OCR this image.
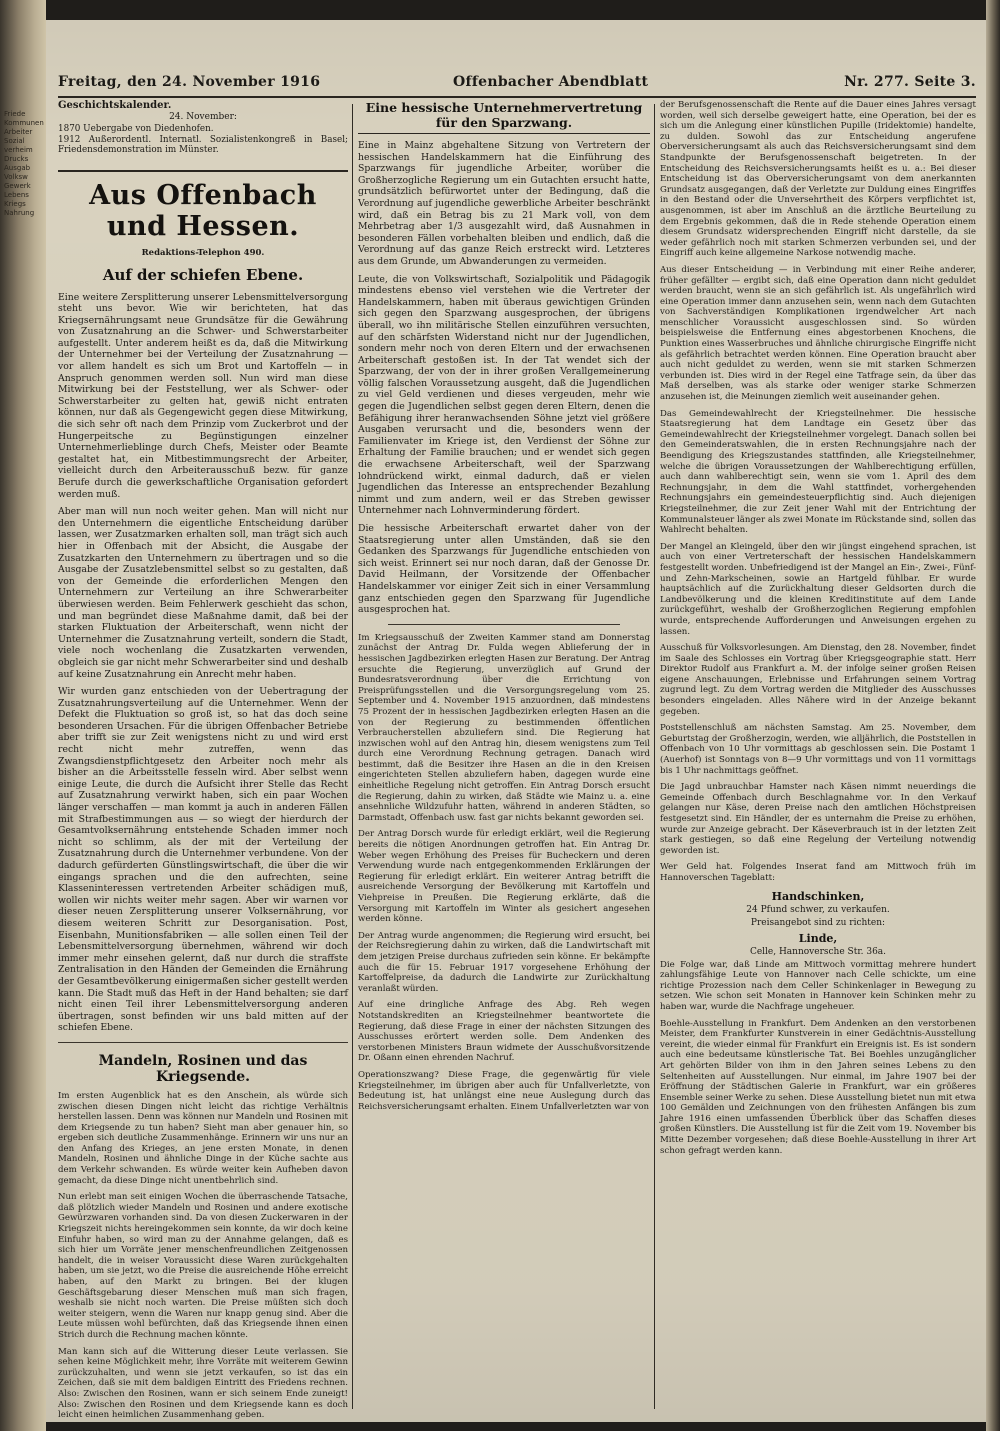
Friede
Kommunen
Arbeiter
Sozial
verheim
Drucks
Ausgab
Volksw
Gewerk
Lebens
Kriegs
Nahrung
Freitag, den 24. November 1916	Offenbacher Abendblatt	Nr. 277. Seite 3.
Geschichtskalender.
24. November:

1870 Uebergabe von Diedenhofen.

1912 Außerordentl. Internatl. Sozialistenkongreß in Basel; Friedensdemonstration im Münster.

Aus Offenbach und Hessen.
Redaktions-Telephon 490.
Auf der schiefen Ebene.

Eine weitere Zersplitterung unserer Lebensmittelversorgung steht uns bevor. Wie wir berichteten, hat das Kriegsernährungsamt neue Grundsätze für die Gewährung von Zusatznahrung an die Schwer- und Schwerstarbeiter aufgestellt. Unter anderem heißt es da, daß die Mitwirkung der Unternehmer bei der Verteilung der Zusatznahrung — vor allem handelt es sich um Brot und Kartoffeln — in Anspruch genommen werden soll. Nun wird man diese Mitwirkung bei der Feststellung, wer als Schwer- oder Schwerstarbeiter zu gelten hat, gewiß nicht entraten können, nur daß als Gegengewicht gegen diese Mitwirkung, die sich sehr oft nach dem Prinzip vom Zuckerbrot und der Hungerpeitsche zu Begünstigungen einzelner Unternehmerlieblinge durch Chefs, Meister oder Beamte gestaltet hat, ein Mitbestimmungsrecht der Arbeiter, vielleicht durch den Arbeiterausschuß bezw. für ganze Berufe durch die gewerkschaftliche Organisation gefordert werden muß.

Aber man will nun noch weiter gehen. Man will nicht nur den Unternehmern die eigentliche Entscheidung darüber lassen, wer Zusatzmarken erhalten soll, man trägt sich auch hier in Offenbach mit der Absicht, die Ausgabe der Zusatzkarten den Unternehmern zu übertragen und so die Ausgabe der Zusatzlebensmittel selbst so zu gestalten, daß von der Gemeinde die erforderlichen Mengen den Unternehmern zur Verteilung an ihre Schwerarbeiter überwiesen werden. Beim Fehlerwerk geschieht das schon, und man begründet diese Maßnahme damit, daß bei der starken Fluktuation der Arbeiterschaft, wenn nicht der Unternehmer die Zusatznahrung verteilt, sondern die Stadt, viele noch wochenlang die Zusatzkarten verwenden, obgleich sie gar nicht mehr Schwerarbeiter sind und deshalb auf keine Zusatznahrung ein Anrecht mehr haben.

Wir wurden ganz entschieden von der Uebertragung der Zusatznahrungsverteilung auf die Unternehmer. Wenn der Defekt die Fluktuation so groß ist, so hat das doch seine besonderen Ursachen. Für die übrigen Offenbacher Betriebe aber trifft sie zur Zeit wenigstens nicht zu und wird erst recht nicht mehr zutreffen, wenn das Zwangsdienstpflichtgesetz den Arbeiter noch mehr als bisher an die Arbeitsstelle fesseln wird. Aber selbst wenn einige Leute, die durch die Aufsicht ihrer Stelle das Recht auf Zusatznahrung verwirkt haben, sich ein paar Wochen länger verschaffen — man kommt ja auch in anderen Fällen mit Strafbestimmungen aus — so wiegt der hierdurch der Gesamtvolksernährung entstehende Schaden immer noch nicht so schlimm, als der mit der Verteilung der Zusatznahrung durch die Unternehmer verbundene. Von der dadurch gefürderten Günstlingswirtschaft, die über die wir eingangs sprachen und die den aufrechten, seine Klasseninteressen vertretenden Arbeiter schädigen muß, wollen wir nichts weiter mehr sagen. Aber wir warnen vor dieser neuen Zersplitterung unserer Volksernährung, vor diesem weiteren Schritt zur Desorganisation. Post, Eisenbahn, Munitionsfabriken — alle sollen einen Teil der Lebensmittelversorgung übernehmen, während wir doch immer mehr einsehen gelernt, daß nur durch die straffste Zentralisation in den Händen der Gemeinden die Ernährung der Gesamtbevölkerung einigermaßen sicher gestellt werden kann. Die Stadt muß das Heft in der Hand behalten; sie darf nicht einen Teil ihrer Lebensmittelversorgung anderen übertragen, sonst befinden wir uns bald mitten auf der schiefen Ebene.

Mandeln, Rosinen und das Kriegsende.

Im ersten Augenblick hat es den Anschein, als würde sich zwischen diesen Dingen nicht leicht das richtige Verhältnis herstellen lassen. Denn was können nur Mandeln und Rosinen mit dem Kriegsende zu tun haben? Sieht man aber genauer hin, so ergeben sich deutliche Zusammenhänge. Erinnern wir uns nur an den Anfang des Krieges, an jene ersten Monate, in denen Mandeln, Rosinen und ähnliche Dinge in der Küche sachte aus dem Verkehr schwanden. Es würde weiter kein Aufheben davon gemacht, da diese Dinge nicht unentbehrlich sind.

Nun erlebt man seit einigen Wochen die überraschende Tatsache, daß plötzlich wieder Mandeln und Rosinen und andere exotische Gewürzwaren vorhanden sind. Da von diesen Zuckerwaren in der Kriegszeit nichts hereingekommen sein konnte, da wir doch keine Einfuhr haben, so wird man zu der Annahme gelangen, daß es sich hier um Vorräte jener menschenfreundlichen Zeitgenossen handelt, die in weiser Voraussicht diese Waren zurückgehalten haben, um sie jetzt, wo die Preise die ausreichende Höhe erreicht haben, auf den Markt zu bringen. Bei der klugen Geschäftsgebarung dieser Menschen muß man sich fragen, weshalb sie nicht noch warten. Die Preise müßten sich doch weiter steigern, wenn die Waren nur knapp genug sind. Aber die Leute müssen wohl befürchten, daß das Kriegsende ihnen einen Strich durch die Rechnung machen könnte.

Man kann sich auf die Witterung dieser Leute verlassen. Sie sehen keine Möglichkeit mehr, ihre Vorräte mit weiterem Gewinn zurückzuhalten, und wenn sie jetzt verkaufen, so ist das ein Zeichen, daß sie mit dem baldigen Eintritt des Friedens rechnen. Also: Zwischen den Rosinen, wann er sich seinem Ende zuneigt! Also: Zwischen den Rosinen und dem Kriegsende kann es doch leicht einen heimlichen Zusammenhang geben.

Eine hessische Unternehmervertretung für den Sparzwang.

Eine in Mainz abgehaltene Sitzung von Vertretern der hessischen Handelskammern hat die Einführung des Sparzwangs für jugendliche Arbeiter, worüber die Großherzogliche Regierung um ein Gutachten ersucht hatte, grundsätzlich befürwortet unter der Bedingung, daß die Verordnung auf jugendliche gewerbliche Arbeiter beschränkt wird, daß ein Betrag bis zu 21 Mark voll, von dem Mehrbetrag aber 1/3 ausgezahlt wird, daß Ausnahmen in besonderen Fällen vorbehalten bleiben und endlich, daß die Verordnung auf das ganze Reich erstreckt wird. Letzteres aus dem Grunde, um Abwanderungen zu vermeiden.

Leute, die von Volkswirtschaft, Sozialpolitik und Pädagogik mindestens ebenso viel verstehen wie die Vertreter der Handelskammern, haben mit überaus gewichtigen Gründen sich gegen den Sparzwang ausgesprochen, der übrigens überall, wo ihn militärische Stellen einzuführen versuchten, auf den schärfsten Widerstand nicht nur der Jugendlichen, sondern mehr noch von deren Eltern und der erwachsenen Arbeiterschaft gestoßen ist. In der Tat wendet sich der Sparzwang, der von der in ihrer großen Verallgemeinerung völlig falschen Voraussetzung ausgeht, daß die Jugendlichen zu viel Geld verdienen und dieses vergeuden, mehr wie gegen die Jugendlichen selbst gegen deren Eltern, denen die Befähigung ihrer heranwachsenden Söhne jetzt viel größere Ausgaben verursacht und die, besonders wenn der Familienvater im Kriege ist, den Verdienst der Söhne zur Erhaltung der Familie brauchen; und er wendet sich gegen die erwachsene Arbeiterschaft, weil der Sparzwang lohndrückend wirkt, einmal dadurch, daß er vielen Jugendlichen das Interesse an entsprechender Bezahlung nimmt und zum andern, weil er das Streben gewisser Unternehmer nach Lohnverminderung fördert.

Die hessische Arbeiterschaft erwartet daher von der Staatsregierung unter allen Umständen, daß sie den Gedanken des Sparzwangs für Jugendliche entschieden von sich weist. Erinnert sei nur noch daran, daß der Genosse Dr. David Heilmann, der Vorsitzende der Offenbacher Handelskammer vor einiger Zeit sich in einer Versammlung ganz entschieden gegen den Sparzwang für Jugendliche ausgesprochen hat.

Im Kriegsausschuß der Zweiten Kammer stand am Donnerstag zunächst der Antrag Dr. Fulda wegen Ablieferung der in hessischen Jagdbezirken erlegten Hasen zur Beratung. Der Antrag ersuchte die Regierung, unverzüglich auf Grund der Bundesratsverordnung über die Errichtung von Preisprüfungsstellen und die Versorgungsregelung vom 25. September und 4. November 1915 anzuordnen, daß mindestens 75 Prozent der in hessischen Jagdbezirken erlegten Hasen an die von der Regierung zu bestimmenden öffentlichen Verbraucherstellen abzuliefern sind. Die Regierung hat inzwischen wohl auf den Antrag hin, diesem wenigstens zum Teil durch eine Verordnung Rechnung getragen. Danach wird bestimmt, daß die Besitzer ihre Hasen an die in den Kreisen eingerichteten Stellen abzuliefern haben, dagegen wurde eine einheitliche Regelung nicht getroffen. Ein Antrag Dorsch ersucht die Regierung, dahin zu wirken, daß Städte wie Mainz u. a. eine ansehnliche Wildzufuhr hatten, während in anderen Städten, so Darmstadt, Offenbach usw. fast gar nichts bekannt geworden sei.

Der Antrag Dorsch wurde für erledigt erklärt, weil die Regierung bereits die nötigen Anordnungen getroffen hat. Ein Antrag Dr. Weber wegen Erhöhung des Preises für Bucheckern und deren Verwendung wurde nach entgegenkommenden Erklärungen der Regierung für erledigt erklärt. Ein weiterer Antrag betrifft die ausreichende Versorgung der Bevölkerung mit Kartoffeln und Viehpreise in Preußen. Die Regierung erklärte, daß die Versorgung mit Kartoffeln im Winter als gesichert angesehen werden könne.

Der Antrag wurde angenommen; die Regierung wird ersucht, bei der Reichsregierung dahin zu wirken, daß die Landwirtschaft mit dem jetzigen Preise durchaus zufrieden sein könne. Er bekämpfte auch die für 15. Februar 1917 vorgesehene Erhöhung der Kartoffelpreise, da dadurch die Landwirte zur Zurückhaltung veranlaßt würden.

Auf eine dringliche Anfrage des Abg. Reh wegen Notstandskrediten an Kriegsteilnehmer beantwortete die Regierung, daß diese Frage in einer der nächsten Sitzungen des Ausschusses erörtert werden solle. Dem Andenken des verstorbenen Ministers Braun widmete der Ausschußvorsitzende Dr. Oßann einen ehrenden Nachruf.

Operationszwang? Diese Frage, die gegenwärtig für viele Kriegsteilnehmer, im übrigen aber auch für Unfallverletzte, von Bedeutung ist, hat unlängst eine neue Auslegung durch das Reichsversicherungsamt erhalten. Einem Unfallverletzten war von

der Berufsgenossenschaft die Rente auf die Dauer eines Jahres versagt worden, weil sich derselbe geweigert hatte, eine Operation, bei der es sich um die Anlegung einer künstlichen Pupille (Iridektomie) handelte, zu dulden. Sowohl das zur Entscheidung angerufene Oberversicherungsamt als auch das Reichsversicherungsamt sind dem Standpunkte der Berufsgenossenschaft beigetreten. In der Entscheidung des Reichsversicherungsamts heißt es u. a.: Bei dieser Entscheidung ist das Oberversicherungsamt von dem anerkannten Grundsatz ausgegangen, daß der Verletzte zur Duldung eines Eingriffes in den Bestand oder die Unversehrtheit des Körpers verpflichtet ist, ausgenommen, ist aber im Anschluß an die ärztliche Beurteilung zu dem Ergebnis gekommen, daß die in Rede stehende Operation einem diesem Grundsatz widersprechenden Eingriff nicht darstelle, da sie weder gefährlich noch mit starken Schmerzen verbunden sei, und der Eingriff auch keine allgemeine Narkose notwendig mache.

Aus dieser Entscheidung — in Verbindung mit einer Reihe anderer, früher gefällter — ergibt sich, daß eine Operation dann nicht geduldet werden braucht, wenn sie an sich gefährlich ist. Als ungefährlich wird eine Operation immer dann anzusehen sein, wenn nach dem Gutachten von Sachverständigen Komplikationen irgendwelcher Art nach menschlicher Voraussicht ausgeschlossen sind. So würden beispielsweise die Entfernung eines abgestorbenen Knochens, die Punktion eines Wasserbruches und ähnliche chirurgische Eingriffe nicht als gefährlich betrachtet werden können. Eine Operation braucht aber auch nicht geduldet zu werden, wenn sie mit starken Schmerzen verbunden ist. Dies wird in der Regel eine Tatfrage sein, da über das Maß derselben, was als starke oder weniger starke Schmerzen anzusehen ist, die Meinungen ziemlich weit auseinander gehen.

Das Gemeindewahlrecht der Kriegsteilnehmer. Die hessische Staatsregierung hat dem Landtage ein Gesetz über das Gemeindewahlrecht der Kriegsteilnehmer vorgelegt. Danach sollen bei den Gemeinderatswahlen, die in ersten Rechnungsjahre nach der Beendigung des Kriegszustandes stattfinden, alle Kriegsteilnehmer, welche die übrigen Voraussetzungen der Wahlberechtigung erfüllen, auch dann wahlberechtigt sein, wenn sie vom 1. April des dem Rechnungsjahr, in dem die Wahl stattfindet, vorhergehenden Rechnungsjahrs ein gemeindesteuerpflichtig sind. Auch diejenigen Kriegsteilnehmer, die zur Zeit jener Wahl mit der Entrichtung der Kommunalsteuer länger als zwei Monate im Rückstande sind, sollen das Wahlrecht behalten.

Der Mangel an Kleingeld, über den wir jüngst eingehend sprachen, ist auch von einer Vertreterschaft der hessischen Handelskammern festgestellt worden. Unbefriedigend ist der Mangel an Ein-, Zwei-, Fünf- und Zehn-Markscheinen, sowie an Hartgeld fühlbar. Er wurde hauptsächlich auf die Zurückhaltung dieser Geldsorten durch die Landbevölkerung und die kleinen Kreditinstitute auf dem Lande zurückgeführt, weshalb der Großherzoglichen Regierung empfohlen wurde, entsprechende Aufforderungen und Anweisungen ergehen zu lassen.

Ausschuß für Volksvorlesungen. Am Dienstag, den 28. November, findet im Saale des Schlosses ein Vortrag über Kriegsgeographie statt. Herr Direktor Rudolf aus Frankfurt a. M. der infolge seiner großen Reisen eigene Anschauungen, Erlebnisse und Erfahrungen seinem Vortrag zugrund legt. Zu dem Vortrag werden die Mitglieder des Ausschusses besonders eingeladen. Alles Nähere wird in der Anzeige bekannt gegeben.

Poststellenschluß am nächsten Samstag. Am 25. November, dem Geburtstag der Großherzogin, werden, wie alljährlich, die Poststellen in Offenbach von 10 Uhr vormittags ab geschlossen sein. Die Postamt 1 (Auerhof) ist Sonntags von 8—9 Uhr vormittags und von 11 vormittags bis 1 Uhr nachmittags geöffnet.

Die Jagd unbrauchbar Hamster nach Käsen nimmt neuerdings die Gemeinde Offenbach durch Beschlagnahme vor. In den Verkauf gelangen nur Käse, deren Preise nach den amtlichen Höchstpreisen festgesetzt sind. Ein Händler, der es unternahm die Preise zu erhöhen, wurde zur Anzeige gebracht. Der Käseverbrauch ist in der letzten Zeit stark gestiegen, so daß eine Regelung der Verteilung notwendig geworden ist.

Wer Geld hat. Folgendes Inserat fand am Mittwoch früh im Hannoverschen Tageblatt:

Handschinken,
24 Pfund schwer, zu verkaufen.
Preisangebot sind zu richten:
Linde,
Celle, Hannoversche Str. 36a.

Die Folge war, daß Linde am Mittwoch vormittag mehrere hundert zahlungsfähige Leute von Hannover nach Celle schickte, um eine richtige Prozession nach dem Celler Schinkenlager in Bewegung zu setzen. Wie schon seit Monaten in Hannover kein Schinken mehr zu haben war, wurde die Nachfrage ungeheuer.

Boehle-Ausstellung in Frankfurt. Dem Andenken an den verstorbenen Meister, dem Frankfurter Kunstverein in einer Gedächtnis-Ausstellung vereint, die wieder einmal für Frankfurt ein Ereignis ist. Es ist sondern auch eine bedeutsame künstlerische Tat. Bei Boehles unzugänglicher Art gehörten Bilder von ihm in den Jahren seines Lebens zu den Seltenheiten auf Ausstellungen. Nur einmal, im Jahre 1907 bei der Eröffnung der Städtischen Galerie in Frankfurt, war ein größeres Ensemble seiner Werke zu sehen. Diese Ausstellung bietet nun mit etwa 100 Gemälden und Zeichnungen von den frühesten Anfängen bis zum Jahre 1916 einen umfassenden Überblick über das Schaffen dieses großen Künstlers. Die Ausstellung ist für die Zeit vom 19. November bis Mitte Dezember vorgesehen; daß diese Boehle-Ausstellung in ihrer Art schon gefragt werden kann.
